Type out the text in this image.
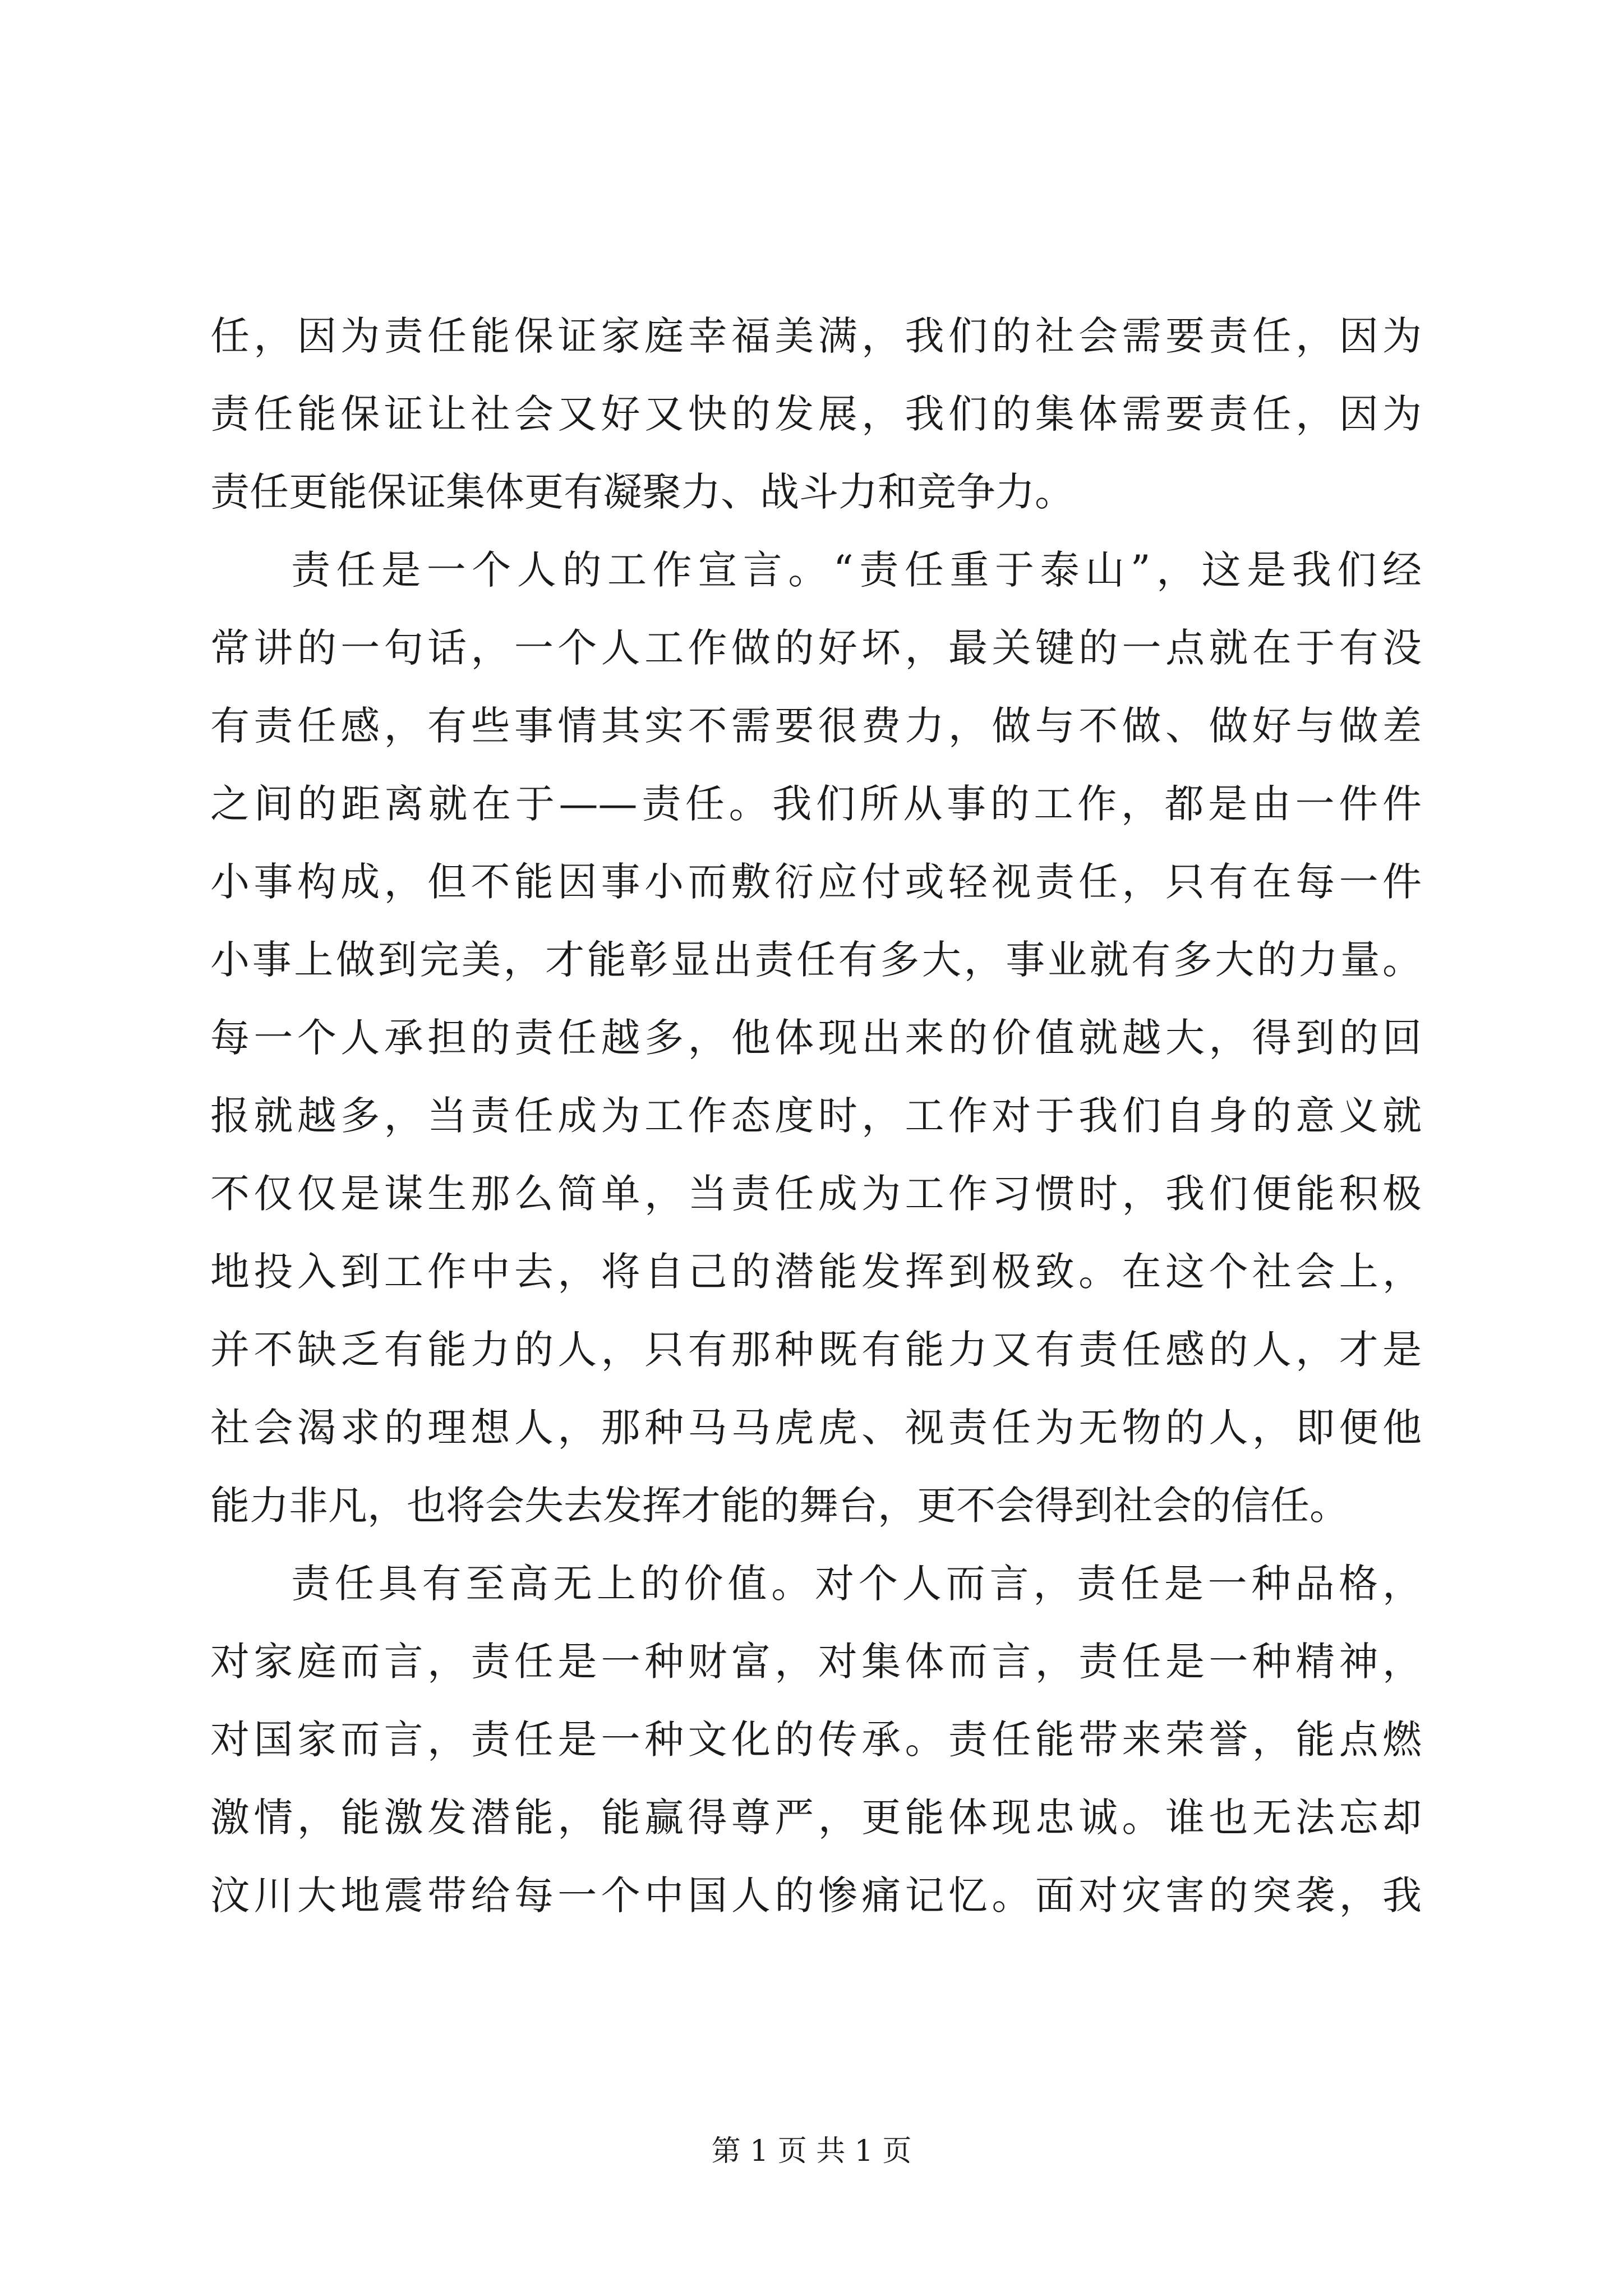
任，因为责任能保证家庭幸福美满，我们的社会需要责任，因为
责任能保证让社会又好又快的发展，我们的集体需要责任，因为
责任更能保证集体更有凝聚力、战斗力和竞争力。
责任是一个人的工作宣言。“责任重于泰山”，这是我们经
常讲的一句话，一个人工作做的好坏，最关键的一点就在于有没
有责任感，有些事情其实不需要很费力，做与不做、做好与做差
之间的距离就在于——责任。我们所从事的工作，都是由一件件
小事构成，但不能因事小而敷衍应付或轻视责任，只有在每一件
小事上做到完美，才能彰显出责任有多大，事业就有多大的力量。
每一个人承担的责任越多，他体现出来的价值就越大，得到的回
报就越多，当责任成为工作态度时，工作对于我们自身的意义就
不仅仅是谋生那么简单，当责任成为工作习惯时，我们便能积极
地投入到工作中去，将自己的潜能发挥到极致。在这个社会上，
并不缺乏有能力的人，只有那种既有能力又有责任感的人，才是
社会渴求的理想人，那种马马虎虎、视责任为无物的人，即便他
能力非凡，也将会失去发挥才能的舞台，更不会得到社会的信任。
责任具有至高无上的价值。对个人而言，责任是一种品格，
对家庭而言，责任是一种财富，对集体而言，责任是一种精神，
对国家而言，责任是一种文化的传承。责任能带来荣誉，能点燃
激情，能激发潜能，能赢得尊严，更能体现忠诚。谁也无法忘却
汶川大地震带给每一个中国人的惨痛记忆。面对灾害的突袭，我
第 1 页 共 1 页
